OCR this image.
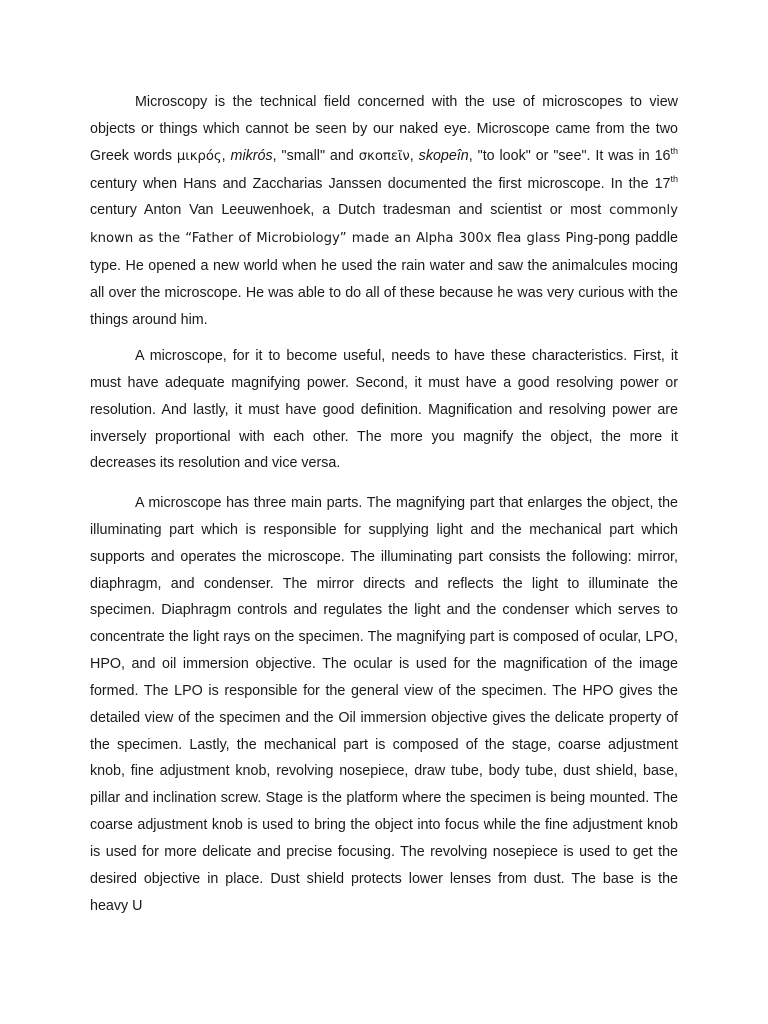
Microscopy is the technical field concerned with the use of microscopes to view objects or things which cannot be seen by our naked eye. Microscope came from the two Greek words μικρός, mikrós, "small" and σκοπεῖν, skopeîn, "to look" or "see". It was in 16th century when Hans and Zaccharias Janssen documented the first microscope. In the 17th century Anton Van Leeuwenhoek, a Dutch tradesman and scientist or most commonly known as the “Father of Microbiology” made an Alpha 300x flea glass Ping-pong paddle type. He opened a new world when he used the rain water and saw the animalcules mocing all over the microscope. He was able to do all of these because he was very curious with the things around him.

A microscope, for it to become useful, needs to have these characteristics. First, it must have adequate magnifying power. Second, it must have a good resolving power or resolution. And lastly, it must have good definition. Magnification and resolving power are inversely proportional with each other. The more you magnify the object, the more it decreases its resolution and vice versa.

A microscope has three main parts. The magnifying part that enlarges the object, the illuminating part which is responsible for supplying light and the mechanical part which supports and operates the microscope. The illuminating part consists the following: mirror, diaphragm, and condenser. The mirror directs and reflects the light to illuminate the specimen. Diaphragm controls and regulates the light and the condenser which serves to concentrate the light rays on the specimen. The magnifying part is composed of ocular, LPO, HPO, and oil immersion objective. The ocular is used for the magnification of the image formed. The LPO is responsible for the general view of the specimen. The HPO gives the detailed view of the specimen and the Oil immersion objective gives the delicate property of the specimen. Lastly, the mechanical part is composed of the stage, coarse adjustment knob, fine adjustment knob, revolving nosepiece, draw tube, body tube, dust shield, base, pillar and inclination screw. Stage is the platform where the specimen is being mounted. The coarse adjustment knob is used to bring the object into focus while the fine adjustment knob is used for more delicate and precise focusing. The revolving nosepiece is used to get the desired objective in place. Dust shield protects lower lenses from dust. The base is the heavy U
